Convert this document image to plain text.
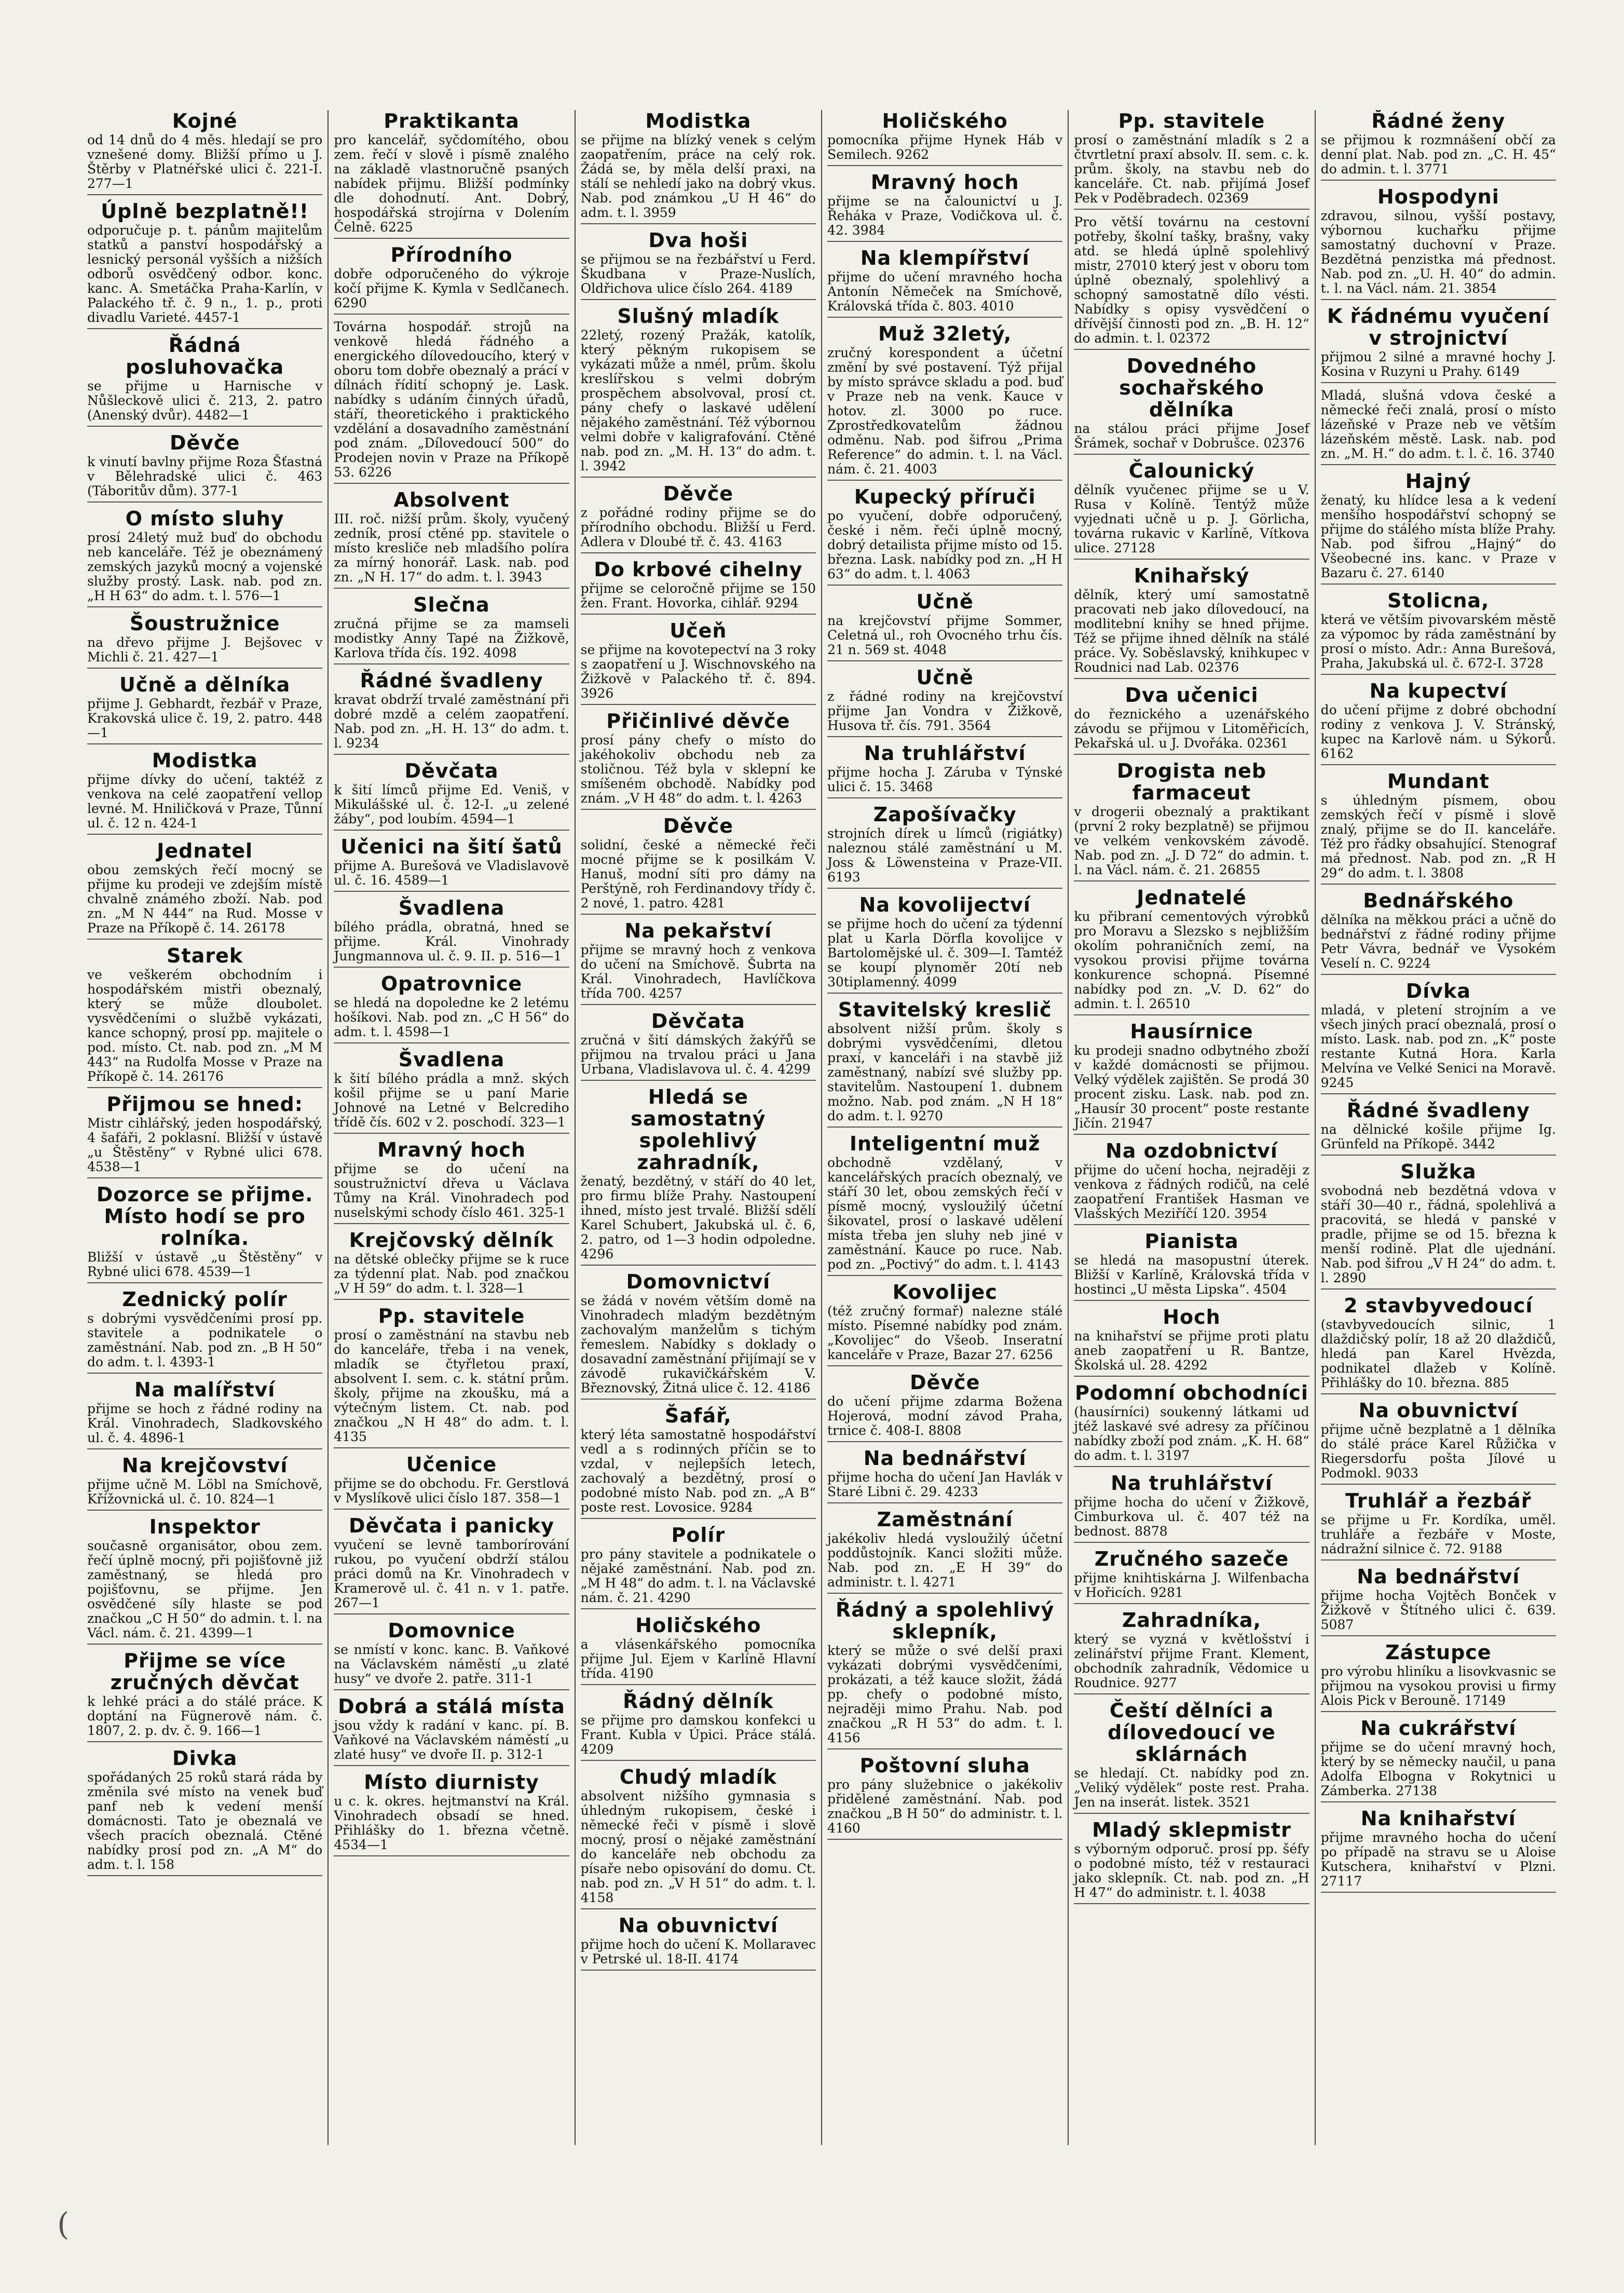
Kojné

od 14 dnů do 4 měs. hledají se pro vznešené domy. Bližší přímo u J. Štěrby v Platnéřské ulici č. 221-I. 277—1

Úplně bezplatně!!

odporučuje p. t. pánům majitelům statků a panství hospodářský a lesnický personál vyšších a nižších odborů osvědčený odbor. konc. kanc. A. Smetáčka Praha-Karlín, v Palackého tř. č. 9 n., 1. p., proti divadlu Varieté. 4457-1

Řádná posluhovačka

se přijme u Harnische v Nůšleckově ulici č. 213, 2. patro (Anenský dvůr). 4482—1

Děvče

k vinutí bavlny přijme Roza Šťastná v Bělehradské ulici č. 463 (Táboritův dům). 377-1

O místo sluhy

prosí 24letý muž buď do obchodu neb kanceláře. Též je obeznámený zemských jazyků mocný a vojenské služby prostý. Lask. nab. pod zn. „H H 63“ do adm. t. l. 576—1

Šoustružnice

na dřevo přijme J. Bejšovec v Michli č. 21. 427—1

Učně a dělníka

přijme J. Gebhardt, řezbář v Praze, Krakovská ulice č. 19, 2. patro. 448—1

Modistka

přijme dívky do učení, taktéž z venkova na celé zaopatření vellop levné. M. Hniličková v Praze, Tůnní ul. č. 12 n. 424-1

Jednatel

obou zemských řečí mocný se přijme ku prodeji ve zdejším místě chvalně známého zboží. Nab. pod zn. „M N 444“ na Rud. Mosse v Praze na Příkopě č. 14. 26178

Starek

ve veškerém obchodním i hospodářském mistři obeznalý, který se může dloubolet. vysvědčeními o službě vykázati, kance schopný, prosí pp. majitele o pod. místo. Ct. nab. pod zn. „M M 443“ na Rudolfa Mosse v Praze na Příkopě č. 14. 26176

Přijmou se hned:

Mistr cihlářský, jeden hospodářský, 4 šafáři, 2 poklasní. Bližší v ústavě „u Štěstěny“ v Rybné ulici 678. 4538—1

Dozorce se přijme. Místo hodí se pro rolníka.

Bližší v ústavě „u Štěstěny“ v Rybné ulici 678. 4539—1

Zednický polír

s dobrými vysvědčeními prosí pp. stavitele a podnikatele o zaměstnání. Nab. pod zn. „B H 50“ do adm. t. l. 4393-1

Na malířství

přijme se hoch z řádné rodiny na Král. Vinohradech, Sladkovského ul. č. 4. 4896-1

Na krejčovství

přijme učně M. Löbl na Smíchově, Křížovnická ul. č. 10. 824—1

Inspektor

současně organisátor, obou zem. řečí úplně mocný, při pojišťovně již zaměstnaný, se hledá pro pojišťovnu, se přijme. Jen osvědčené síly hlaste se pod značkou „C H 50“ do admin. t. l. na Václ. nám. č. 21. 4399—1

Přijme se více zručných děvčat

k lehké práci a do stálé práce. K doptání na Fügnerově nám. č. 1807, 2. p. dv. č. 9. 166—1

Divka

spořádaných 25 roků stará ráda by změnila své místo na venek buď panf neb k vedení menší domácnosti. Tato je obeznalá ve všech pracích obeznalá. Ctěné nabídky prosí pod zn. „A M“ do adm. t. l. 158

Praktikanta

pro kancelář, syčdomítého, obou zem. řečí v slově i písmě znalého na základě vlastnoručně psaných nabídek přijmu. Bližší podmínky dle dohodnutí. Ant. Dobrý, hospodářská strojírna v Dolením Čelně. 6225

Přírodního

dobře odporučeného do výkroje kočí přijme K. Kymla v Sedlčanech. 6290

Továrna hospodář. strojů na venkově hledá řádného a energického dílovedoucího, který v oboru tom dobře obeznalý a prácí v dílnách řídití schopný je. Lask. nabídky s udáním činných úřadů, stáří, theoretického i praktického vzdělání a dosavadního zaměstnání pod znám. „Dílovedoucí 500“ do Prodejen novin v Praze na Příkopě 53. 6226

Absolvent

III. roč. nižší prům. školy, vyučený zedník, prosí ctěné pp. stavitele o místo kresliče neb mladšího políra za mírný honorář. Lask. nab. pod zn. „N H. 17“ do adm. t. l. 3943

Slečna

zručná přijme se za mamseli modistky Anny Tapé na Žižkově, Karlova třída čís. 192. 4098

Řádné švadleny

kravat obdrží trvalé zaměstnání při dobré mzdě a celém zaopatření. Nab. pod zn. „H. H. 13“ do adm. t. l. 9234

Děvčata

k šití límců přijme Ed. Veniš, v Mikulášské ul. č. 12-I. „u zelené žáby“, pod loubím. 4594—1

Učenici na šití šatů

přijme A. Burešová ve Vladislavově ul. č. 16. 4589—1

Švadlena

bílého prádla, obratná, hned se přijme. Král. Vinohrady Jungmannova ul. č. 9. II. p. 516—1

Opatrovnice

se hledá na dopoledne ke 2 letému hošíkovi. Nab. pod zn. „C H 56“ do adm. t. l. 4598—1

Švadlena

k šití bílého prádla a mnž. ských košil přijme se u paní Marie Johnové na Letné v Belcrediho třídě čís. 602 v 2. poschodí. 323—1

Mravný hoch

přijme se do učení na soustružnictví dřeva u Václava Tůmy na Král. Vinohradech pod nuselskými schody číslo 461. 325-1

Krejčovský dělník

na dětské oblečky přijme se k ruce za týdenní plat. Nab. pod značkou „V H 59“ do adm. t. l. 328—1

Pp. stavitele

prosí o zaměstnání na stavbu neb do kanceláře, třeba i na venek, mladík se čtyřletou praxí, absolvent I. sem. c. k. státní prům. školy, přijme na zkoušku, má a výtečným listem. Ct. nab. pod značkou „N H 48“ do adm. t. l. 4135

Učenice

přijme se do obchodu. Fr. Gerstlová v Myslíkově ulici číslo 187. 358—1

Děvčata i panicky

vyučení se levně tamborírování rukou, po vyučení obdrží stálou práci domů na Kr. Vinohradech v Kramerově ul. č. 41 n. v 1. patře. 267—1

Domovnice

se nmístí v konc. kanc. B. Vaňkové na Václavském náměstí „u zlaté husy“ ve dvoře 2. patře. 311-1

Dobrá a stálá místa

jsou vždy k radání v kanc. pí. B. Vaňkové na Václavském náměstí „u zlaté husy“ ve dvoře II. p. 312-1

Místo diurnisty

u c. k. okres. hejtmanství na Král. Vinohradech obsadí se hned. Přihlášky do 1. března včetně. 4534—1

Modistka

se přijme na blízký venek s celým zaopatřením, práce na celý rok. Žádá se, by měla delší praxi, na stálí se nehledí jako na dobrý vkus. Nab. pod známkou „U H 46“ do adm. t. l. 3959

Dva hoši

se přijmou se na řezbářství u Ferd. Škudbana v Praze-Nuslích, Oldřichova ulice číslo 264. 4189

Slušný mladík

22letý, rozený Pražák, katolík, který pěkným rukopisem se vykázati může a nmél, prům. školu kreslířskou s velmi dobrým prospěchem absolvoval, prosí ct. pány chefy o laskavé udělení nějakého zaměstnání. Též výbornou velmi dobře v kaligrafování. Ctěné nab. pod zn. „M. H. 13“ do adm. t. l. 3942

Děvče

z pořádné rodiny přijme se do přírodního obchodu. Bližší u Ferd. Adlera v Dloubé tř. č. 43. 4163

Do krbové cihelny

přijme se celoročně přijme se 150 žen. Frant. Hovorka, cihlář. 9294

Učeň

se přijme na kovotepectví na 3 roky s zaopatření u J. Wischnovského na Žižkově v Palackého tř. č. 894. 3926

Přičinlivé děvče

prosí pány chefy o místo do jakéhokoliv obchodu neb za stoličnou. Též byla v sklepní ke smíšeném obchodě. Nabídky pod znám. „V H 48“ do adm. t. l. 4263

Děvče

solidní, české a německé řeči mocné přijme se k posilkám V. Hanuš, modní síti pro dámy na Perštýně, roh Ferdinandovy třídy č. 2 nové, 1. patro. 4281

Na pekařství

přijme se mravný hoch z venkova do učení na Smíchově. Šubrta na Král. Vinohradech, Havlíčkova třída 700. 4257

Děvčata

zručná v šití dámských žakýřů se přijmou na trvalou práci u Jana Urbana, Vladislavova ul. č. 4. 4299

Hledá se samostatný spolehlivý zahradník,

ženatý, bezdětný, v stáří do 40 let, pro firmu blíže Prahy. Nastoupení ihned, místo jest trvalé. Bližší sdělí Karel Schubert, Jakubská ul. č. 6, 2. patro, od 1—3 hodin odpoledne. 4296

Domovnictví

se žádá v novém větším domě na Vinohradech mladým bezdětným zachovalým manželům s tichým řemeslem. Nabídky s doklady o dosavadní zaměstnání přijímají se v závodě rukavičkářském V. Březnovský, Žitná ulice č. 12. 4186

Šafář,

který léta samostatně hospodářství vedl a s rodinných příčin se to vzdal, v nejlepších letech, zachovalý a bezdětný, prosí o podobné místo Nab. pod zn. „A B“ poste rest. Lovosice. 9284

Polír

pro pány stavitele a podnikatele o nějaké zaměstnání. Nab. pod zn. „M H 48“ do adm. t. l. na Václavské nám. č. 21. 4290

Holičského

a vlásenkářského pomocníka přijme Jul. Ejem v Karlíně Hlavní třída. 4190

Řádný dělník

se přijme pro damskou konfekci u Frant. Kubla v Úpici. Práce stálá. 4209

Chudý mladík

absolvent nižšího gymnasia s úhledným rukopisem, české i německé řeči v písmě i slově mocný, prosí o nějaké zaměstnání do kanceláře neb obchodu za písaře nebo opisování do domu. Ct. nab. pod zn. „V H 51“ do adm. t. l. 4158

Na obuvnictví

přijme hoch do učení K. Mollaravec v Petrské ul. 18-II. 4174

Holičského

pomocníka přijme Hynek Háb v Semilech. 9262

Mravný hoch

přijme se na čalounictví u J. Řeháka v Praze, Vodičkova ul. č. 42. 3984

Na klempířství

přijme do učení mravného hocha Antonín Němeček na Smíchově, Královská třída č. 803. 4010

Muž 32letý,

zručný korespondent a účetní změní by své postavení. Týž přijal by místo správce skladu a pod. buď v Praze neb na venk. Kauce v hotov. zl. 3000 po ruce. Zprostředkovatelům žádnou odměnu. Nab. pod šifrou „Prima Reference“ do admin. t. l. na Václ. nám. č. 21. 4003

Kupecký příruči

po vyučení, dobře odporučený, české i něm. řeči úplně mocný, dobrý detailista přijme místo od 15. března. Lask. nabídky pod zn. „H H 63“ do adm. t. l. 4063

Učně

na krejčovství přijme Sommer, Celetná ul., roh Ovocného trhu čís. 21 n. 569 st. 4048

Učně

z řádné rodiny na krejčovství přijme Jan Vondra v Žižkově, Husova tř. čís. 791. 3564

Na truhlářství

přijme hocha J. Záruba v Týnské ulici č. 15. 3468

Zapošívačky

strojních dírek u límců (rigiátky) naleznou stálé zaměstnání u M. Joss & Löwensteina v Praze-VII. 6193

Na kovolijectví

se přijme hoch do učení za týdenní plat u Karla Dörfla kovolijce v Bartolomějské ul. č. 309—I. Tamtéž se koupí plynoměr 20tí neb 30tiplamenný. 4099

Stavitelský kreslič

absolvent nižší prům. školy s dobrými vysvědčeními, dletou praxí, v kanceláři i na stavbě již zaměstnaný, nabízí své služby pp. stavitelům. Nastoupení 1. dubnem možno. Nab. pod znám. „N H 18“ do adm. t. l. 9270

Inteligentní muž

obchodně vzdělaný, v kancelářských pracích obeznalý, ve stáří 30 let, obou zemských řečí v písmě mocný, vysloužilý účetní šikovatel, prosí o laskavé udělení místa třeba jen sluhy neb jiné v zaměstnání. Kauce po ruce. Nab. pod zn. „Poctivý“ do adm. t. l. 4143

Kovolijec

(též zručný formař) nalezne stálé místo. Písemné nabídky pod znám. „Kovolijec“ do Všeob. Inseratní kanceláře v Praze, Bazar 27. 6256

Děvče

do učení přijme zdarma Božena Hojerová, modní závod Praha, trnice č. 408-I. 8808

Na bednářství

přijme hocha do učení Jan Havlák v Staré Libni č. 29. 4233

Zaměstnání

jakékoliv hledá vysloužilý účetní poddůstojník. Kanci složiti může. Nab. pod zn. „E H 39“ do administr. t. l. 4271

Řádný a spolehlivý sklepník,

který se může o své delší praxi vykázati dobrými vysvědčeními, prokázati, a též kauce složit, žádá pp. chefy o podobné místo, nejraději mimo Prahu. Nab. pod značkou „R H 53“ do adm. t. l. 4156

Poštovní sluha

pro pány služebnice o jakékoliv přidělené zaměstnání. Nab. pod značkou „B H 50“ do administr. t. l. 4160

Pp. stavitele

prosí o zaměstnání mladík s 2 a čtvrtletní praxí absolv. II. sem. c. k. prům. školy, na stavbu neb do kanceláře. Ct. nab. přijímá Josef Pek v Poděbradech. 02369

Pro větší továrnu na cestovní potřeby, školní tašky, brašny, vaky atd. se hledá úplně spolehlivý mistr, 27010 který jest v oboru tom úplně obeznalý, spolehlivý a schopný samostatně dílo vésti. Nabídky s opisy vysvědčení o dřívější činnosti pod zn. „B. H. 12“ do admin. t. l. 02372

Dovedného sochařského dělníka

na stálou práci přijme Josef Šrámek, sochař v Dobrušce. 02376

Čalounický

dělník vyučenec přijme se u V. Rusa v Kolíně. Tentýž může vyjednati učně u p. J. Görlicha, továrna rukavic v Karlíně, Vítkova ulice. 27128

Knihařský

dělník, který umí samostatně pracovati neb jako dílovedoucí, na modlitební knihy se hned přijme. Též se přijme ihned dělník na stálé práce. Vy. Soběslavský, knihkupec v Roudnici nad Lab. 02376

Dva učenici

do řeznického a uzenářského závodu se přijmou v Litoměřicích, Pekařská ul. u J. Dvořáka. 02361

Drogista neb farmaceut

v drogerii obeznalý a praktikant (první 2 roky bezplatně) se přijmou ve velkém venkovském závodě. Nab. pod zn. „J. D 72“ do admin. t. l. na Václ. nám. č. 21. 26855

Jednatelé

ku přibraní cementových výrobků pro Moravu a Slezsko s nejbližším okolím pohraničních zemí, na vysokou provisi přijme továrna konkurence schopná. Písemné nabídky pod zn. „V. D. 62“ do admin. t. l. 26510

Hausírnice

ku prodeji snadno odbytného zboží v každé domácnosti se přijmou. Velký výdělek zajištěn. Se prodá 30 procent zisku. Lask. nab. pod zn. „Hausír 30 procent“ poste restante Jičín. 21947

Na ozdobnictví

přijme do učení hocha, nejraději z venkova z řádných rodičů, na celé zaopatření František Hasman ve Vlašských Meziříčí 120. 3954

Pianista

se hledá na masopustní úterek. Bližší v Karlíně, Královská třída v hostinci „U města Lipska“. 4504

Hoch

na knihařství se přijme proti platu aneb zaopatření u R. Bantze, Školská ul. 28. 4292

Podomní obchodníci

(hausírníci) soukenný látkami ud jtéž laskavé své adresy za příčinou nabídky zboží pod znám. „K. H. 68“ do adm. t. l. 3197

Na truhlářství

přijme hocha do učení v Žižkově, Cimburkova ul. č. 407 též na bednost. 8878

Zručného sazeče

přijme knihtiskárna J. Wilfenbacha v Hořicích. 9281

Zahradníka,

který se vyzná v květlošství i zelinářství přijme Frant. Klement, obchodník zahradník, Vědomice u Roudnice. 9277

Čeští dělníci a dílovedoucí ve sklárnách

se hledají. Ct. nabídky pod zn. „Veliký výdělek“ poste rest. Praha. Jen na inserát. listek. 3521

Mladý sklepmistr

s výborným odporuč. prosí pp. šéfy o podobné místo, též v restauraci jako sklepník. Ct. nab. pod zn. „H H 47“ do administr. t. l. 4038

Řádné ženy

se přijmou k rozmnášení občí za denní plat. Nab. pod zn. „C. H. 45“ do admin. t. l. 3771

Hospodyni

zdravou, silnou, vyšší postavy, výbornou kuchařku přijme samostatný duchovní v Praze. Bezdětná penzistka má přednost. Nab. pod zn. „U. H. 40“ do admin. t. l. na Václ. nám. 21. 3854

K řádnému vyučení v strojnictví

přijmou 2 silné a mravné hochy J. Kosina v Ruzyni u Prahy. 6149

Mladá, slušná vdova české a německé řeči znalá, prosí o místo lázeňské v Praze neb ve větším lázeňském městě. Lask. nab. pod zn. „M. H.“ do adm. t. l. č. 16. 3740

Hajný

ženatý, ku hlídce lesa a k vedení menšího hospodářství schopný se přijme do stálého místa blíže Prahy. Nab. pod šifrou „Hajný“ do Všeobecné ins. kanc. v Praze v Bazaru č. 27. 6140

Stolicna,

která ve větším pivovarském městě za výpomoc by ráda zaměstnání by prosí o místo. Adr.: Anna Burešová, Praha, Jakubská ul. č. 672-I. 3728

Na kupectví

do učení přijme z dobré obchodní rodiny z venkova J. V. Stránský, kupec na Karlově nám. u Sýkorů. 6162

Mundant

s úhledným písmem, obou zemských řečí v písmě i slově znalý, přijme se do II. kanceláře. Též pro řádky obsahující. Stenograf má přednost. Nab. pod zn. „R H 29“ do adm. t. l. 3808

Bednářského

dělníka na měkkou práci a učně do bednářství z řádné rodiny přijme Petr Vávra, bednář ve Vysokém Veselí n. C. 9224

Dívka

mladá, v pletení strojním a ve všech jiných prací obeznalá, prosí o místo. Lask. nab. pod zn. „K“ poste restante Kutná Hora. Karla Melvína ve Velké Senici na Moravě. 9245

Řádné švadleny

na dělnické košile přijme Ig. Grünfeld na Příkopě. 3442

Služka

svobodná neb bezdětná vdova v stáří 30—40 r., řádná, spolehlivá a pracovitá, se hledá v panské v pradle, přijme se od 15. března k menší rodině. Plat dle ujednání. Nab. pod šifrou „V H 24“ do adm. t. l. 2890

2 stavbyvedoucí

(stavbyvedoucích silnic, 1 dlaždičský polír, 18 až 20 dlaždičů, hledá pan Karel Hvězda, podnikatel dlažeb v Kolíně. Přihlášky do 10. března. 885

Na obuvnictví

přijme učně bezplatně a 1 dělníka do stálé práce Karel Růžička v Riegersdorfu pošta Jílové u Podmokl. 9033

Truhlář a řezbář

se přijme u Fr. Kordíka, uměl. truhláře a řezbáře v Moste, nádražní silnice č. 72. 9188

Na bednářství

přijme hocha Vojtěch Bonček v Žižkově v Štítného ulici č. 639. 5087

Zástupce

pro výrobu hliníku a lisovkvasnic se přijmou na vysokou provisi u firmy Alois Pick v Berouně. 17149

Na cukrářství

přijme se do učení mravný hoch, který by se německy naučil, u pana Adolfa Elbogna v Rokytnici u Zámberka. 27138

Na knihařství

přijme mravného hocha do učení po případě na stravu se u Aloise Kutschera, knihařství v Plzni. 27117

(
